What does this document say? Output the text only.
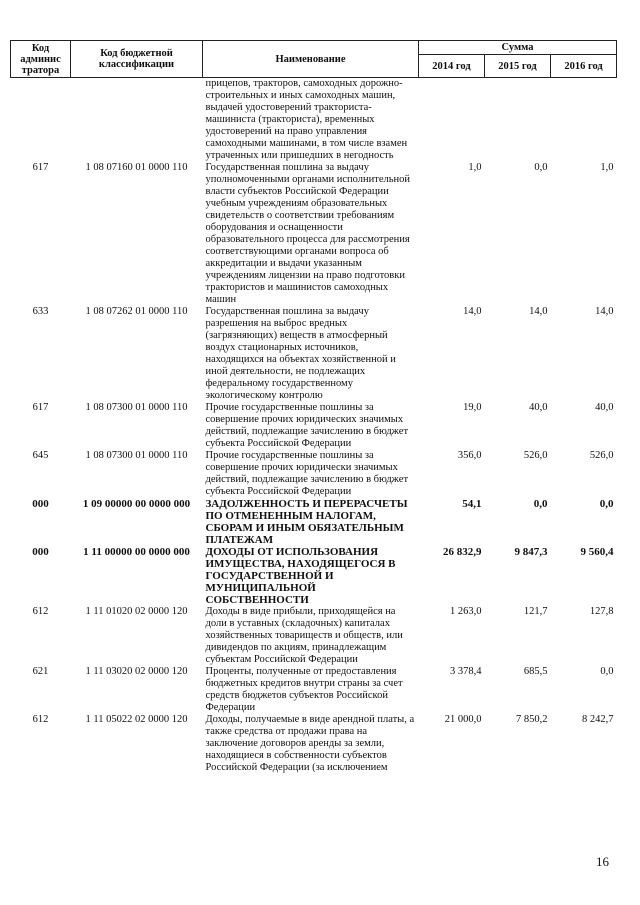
Код админис тратора	Код бюджетной классификации	Наименование	Сумма		
			2014 год	2015 год	2016 год
		прицепов, тракторов, самоходных дорожно-строительных и иных самоходных машин, выдачей удостоверений тракториста-машиниста (тракториста), временных удостоверений на право управления самоходными машинами, в том числе взамен утраченных или пришедших в негодность			
617	1 08 07160 01 0000 110	Государственная пошлина за выдачу уполномоченными органами исполнительной власти субъектов Российской Федерации учебным учреждениям образовательных свидетельств о соответствии требованиям оборудования и оснащенности образовательного процесса для рассмотрения соответствующими органами вопроса об аккредитации и выдачи указанным учреждениям лицензии на право подготовки трактористов и машинистов самоходных машин	1,0	0,0	1,0
633	1 08 07262 01 0000 110	Государственная пошлина за выдачу разрешения на выброс вредных (загрязняющих) веществ в атмосферный воздух стационарных источников, находящихся на объектах хозяйственной и иной деятельности, не подлежащих федеральному государственному экологическому контролю	14,0	14,0	14,0
617	1 08 07300 01 0000 110	Прочие государственные пошлины за совершение прочих юридических значимых действий, подлежащие зачислению в бюджет субъекта Российской Федерации	19,0	40,0	40,0
645	1 08 07300 01 0000 110	Прочие государственные пошлины за совершение прочих юридически значимых действий, подлежащие зачислению в бюджет субъекта Российской Федерации	356,0	526,0	526,0
000	1 09 00000 00 0000 000	ЗАДОЛЖЕННОСТЬ И ПЕРЕРАСЧЕТЫ ПО ОТМЕНЕННЫМ НАЛОГАМ, СБОРАМ И ИНЫМ ОБЯЗАТЕЛЬНЫМ ПЛАТЕЖАМ	54,1	0,0	0,0
000	1 11 00000 00 0000 000	ДОХОДЫ ОТ ИСПОЛЬЗОВАНИЯ ИМУЩЕСТВА, НАХОДЯЩЕГОСЯ В ГОСУДАРСТВЕННОЙ И МУНИЦИПАЛЬНОЙ СОБСТВЕННОСТИ	26 832,9	9 847,3	9 560,4
612	1 11 01020 02 0000 120	Доходы в виде прибыли, приходящейся на доли в уставных (складочных) капиталах хозяйственных товариществ и обществ, или дивидендов по акциям, принадлежащим субъектам Российской Федерации	1 263,0	121,7	127,8
621	1 11 03020 02 0000 120	Проценты, полученные от предоставления бюджетных кредитов внутри страны за счет средств бюджетов субъектов Российской Федерации	3 378,4	685,5	0,0
612	1 11 05022 02 0000 120	Доходы, получаемые в виде арендной платы, а также средства от продажи права на заключение договоров аренды за земли, находящиеся в собственности субъектов Российской Федерации (за исключением	21 000,0	7 850,2	8 242,7
16
